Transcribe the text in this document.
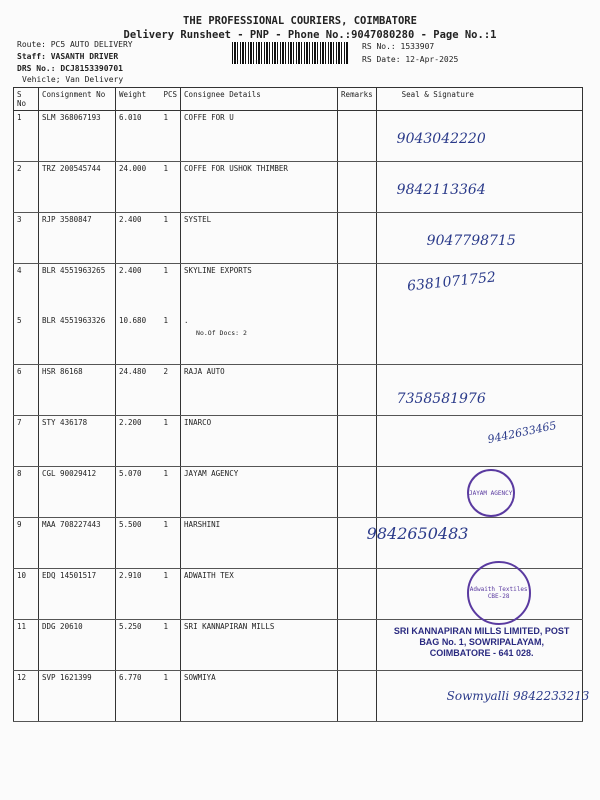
THE PROFESSIONAL COURIERS, COIMBATORE
Delivery Runsheet - PNP - Phone No.:9047080280 - Page No.:1
Route: PC5 AUTO DELIVERY
Staff: VASANTH DRIVER
DRS No.: DCJ8153390701
Vehicle; Van Delivery
RS No.: 1533907
RS Date: 12-Apr-2025
S No	Consignment No	Weight	PCS	Consignee Details	Remarks	Seal & Signature
1	SLM 368067193	6.010	1	COFFE FOR U		9043042220

2	TRZ 200545744	24.000	1	COFFE FOR USHOK THIMBER		9842113364

3	RJP 3580847	2.400	1	SYSTEL		9047798715

4	BLR 4551963265	2.400	1	SKYLINE EXPORTS		6381071752

5	BLR 4551963326	10.680	1	.
No.Of Docs: 2		

6	HSR 86168	24.480	2	RAJA AUTO		7358581976

7	STY 436178	2.200	1	INARCO		9442633465

8	CGL 90029412	5.070	1	JAYAM AGENCY		JAYAM AGENCY

9	MAA 708227443	5.500	1	HARSHINI		9842650483

10	EDQ 14501517	2.910	1	ADWAITH TEX		Adwaith Textiles CBE-28

11	DDG 20610	5.250	1	SRI KANNAPIRAN MILLS		SRI KANNAPIRAN MILLS LIMITED, POST BAG No. 1, SOWRIPALAYAM, COIMBATORE - 641 028.

12	SVP 1621399	6.770	1	SOWMIYA		Sowmyalli 9842233213
